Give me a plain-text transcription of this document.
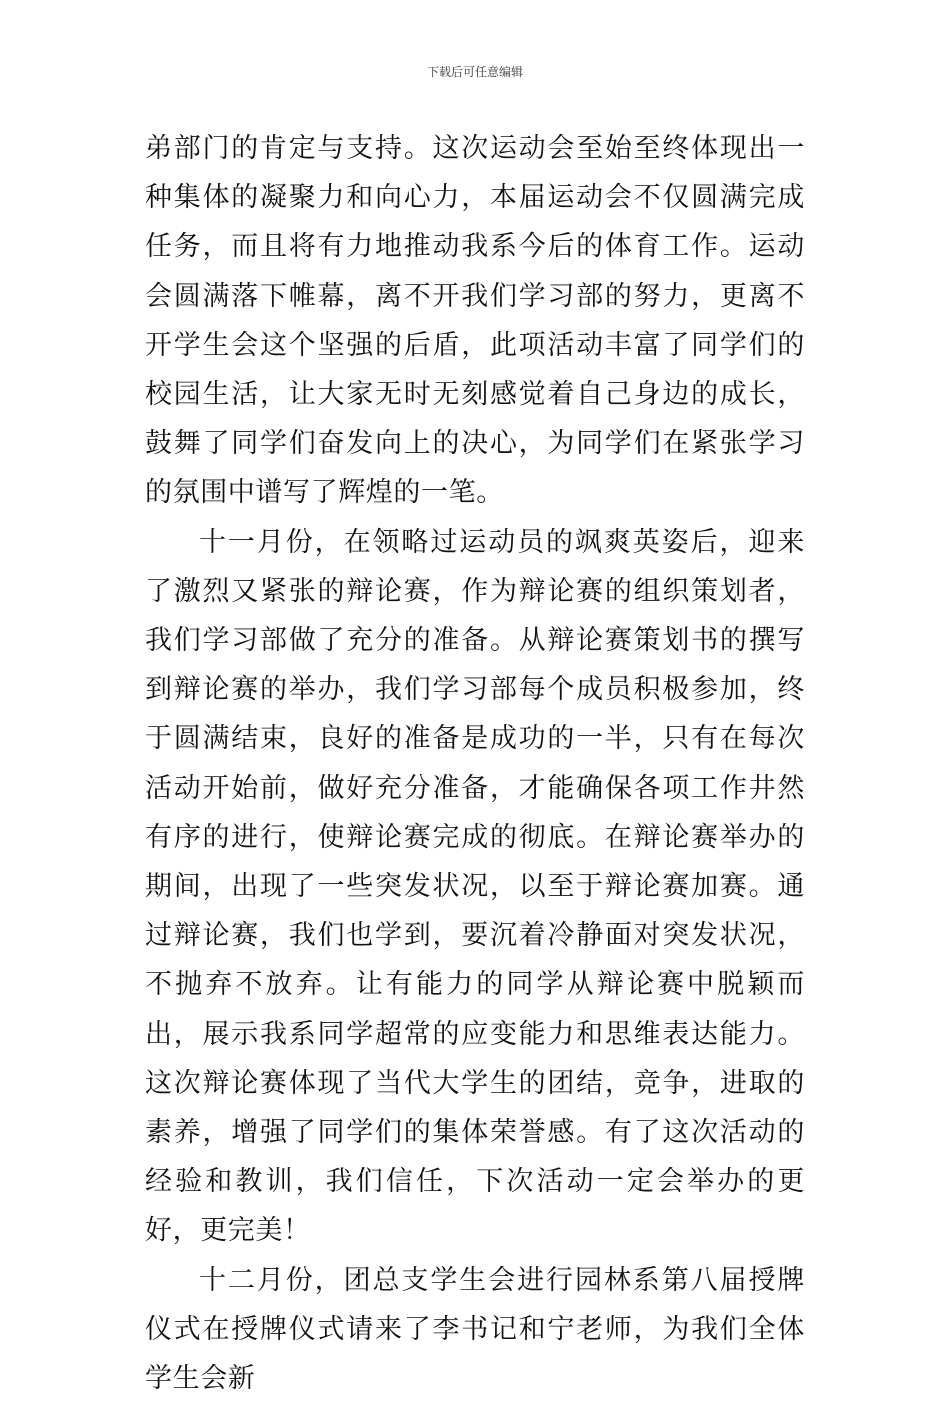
下载后可任意编辑

弟部门的肯定与支持。这次运动会至始至终体现出一种集体的凝聚力和向心力，本届运动会不仅圆满完成任务，而且将有力地推动我系今后的体育工作。运动会圆满落下帷幕，离不开我们学习部的努力，更离不开学生会这个坚强的后盾，此项活动丰富了同学们的校园生活，让大家无时无刻感觉着自己身边的成长，鼓舞了同学们奋发向上的决心，为同学们在紧张学习的氛围中谱写了辉煌的一笔。

十一月份，在领略过运动员的飒爽英姿后，迎来了激烈又紧张的辩论赛，作为辩论赛的组织策划者，我们学习部做了充分的准备。从辩论赛策划书的撰写到辩论赛的举办，我们学习部每个成员积极参加，终于圆满结束，良好的准备是成功的一半，只有在每次活动开始前，做好充分准备，才能确保各项工作井然有序的进行，使辩论赛完成的彻底。在辩论赛举办的期间，出现了一些突发状况，以至于辩论赛加赛。通过辩论赛，我们也学到，要沉着冷静面对突发状况，不抛弃不放弃。让有能力的同学从辩论赛中脱颖而出，展示我系同学超常的应变能力和思维表达能力。这次辩论赛体现了当代大学生的团结，竞争，进取的素养，增强了同学们的集体荣誉感。有了这次活动的经验和教训，我们信任，下次活动一定会举办的更好，更完美！

十二月份，团总支学生会进行园林系第八届授牌仪式在授牌仪式请来了李书记和宁老师，为我们全体学生会新
